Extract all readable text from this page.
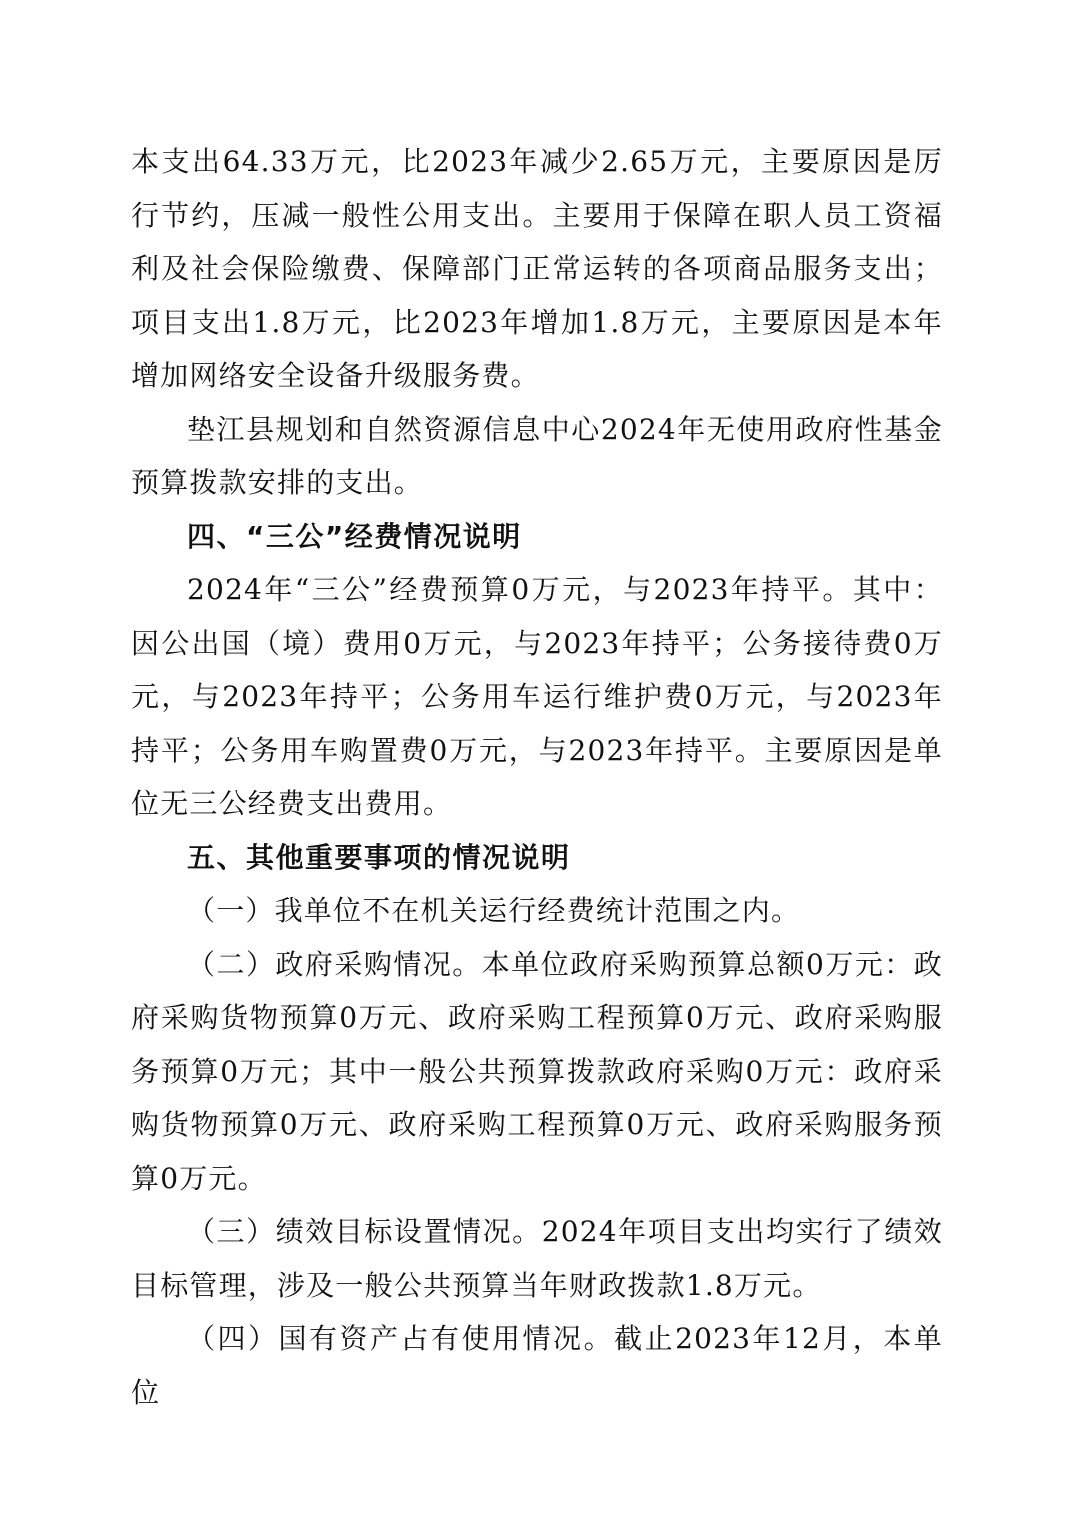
本支出64.33万元，比2023年减少2.65万元，主要原因是厉行节约，压减一般性公用支出。主要用于保障在职人员工资福利及社会保险缴费、保障部门正常运转的各项商品服务支出；项目支出1.8万元，比2023年增加1.8万元，主要原因是本年增加网络安全设备升级服务费。

垫江县规划和自然资源信息中心2024年无使用政府性基金预算拨款安排的支出。

四、“三公”经费情况说明

2024年“三公”经费预算0万元，与2023年持平。其中：因公出国（境）费用0万元，与2023年持平；公务接待费0万元，与2023年持平；公务用车运行维护费0万元，与2023年持平；公务用车购置费0万元，与2023年持平。主要原因是单位无三公经费支出费用。

五、其他重要事项的情况说明

（一）我单位不在机关运行经费统计范围之内。

（二）政府采购情况。本单位政府采购预算总额0万元：政府采购货物预算0万元、政府采购工程预算0万元、政府采购服务预算0万元；其中一般公共预算拨款政府采购0万元：政府采购货物预算0万元、政府采购工程预算0万元、政府采购服务预算0万元。

（三）绩效目标设置情况。2024年项目支出均实行了绩效目标管理，涉及一般公共预算当年财政拨款1.8万元。

（四）国有资产占有使用情况。截止2023年12月，本单位
